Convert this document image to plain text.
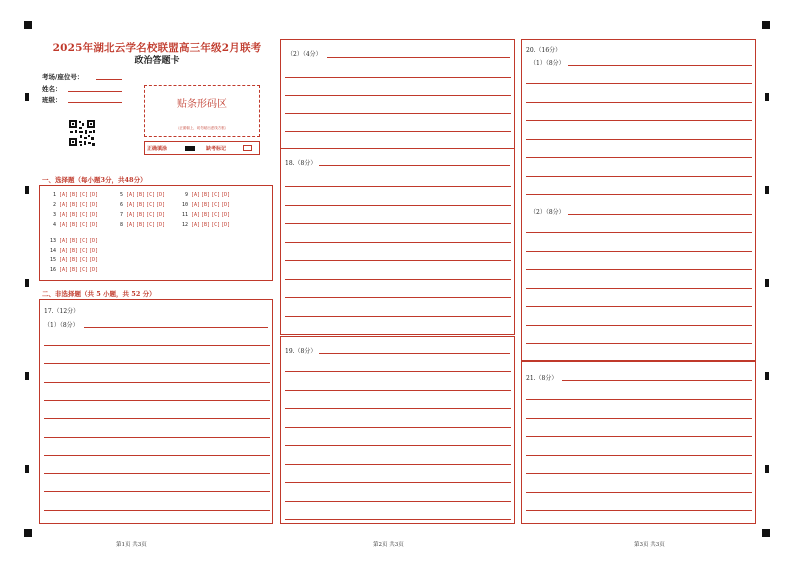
2025年湖北云学名校联盟高三年级2月联考
政治答题卡
考场/座位号：
姓名：
班级：	贴条形码区
（正面朝上，切勿贴出虚线方框）
正确填涂	缺考标记
一、选择题（每小题3分，共48分）
1 [A][B][C][D]
2 [A][B][C][D]
3 [A][B][C][D]
4 [A][B][C][D]
5 [A][B][C][D]
6 [A][B][C][D]
7 [A][B][C][D]
8 [A][B][C][D]
9 [A][B][C][D]
10 [A][B][C][D]
11 [A][B][C][D]
12 [A][B][C][D]
13 [A][B][C][D]
14 [A][B][C][D]
15 [A][B][C][D]
16 [A][B][C][D]
二、非选择题（共 5 小题，共 52 分）
17.（12分）
（1）（8分）
第1页 共3页
（2）（4分）
18.（8分）
19.（8分）
第2页 共3页
20.（16分）
（1）（8分）
（2）（8分）
21.（8分）
第3页 共3页
